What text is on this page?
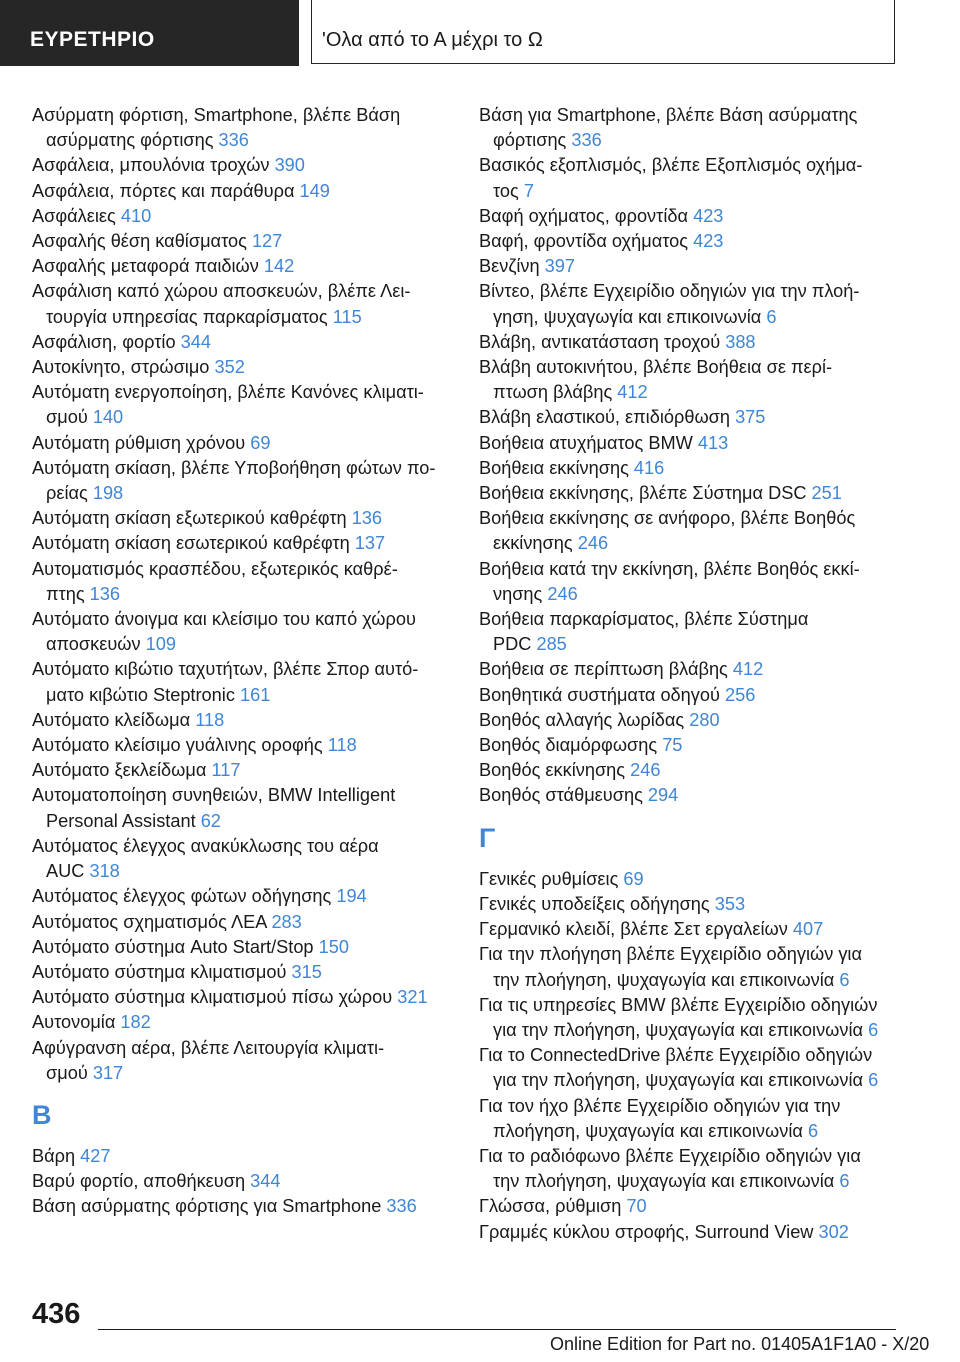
ΕΥΡΕΤΗΡΙΟ	'Ολα από το Α μέχρι το Ω

Ασύρματη φόρτιση, Smartphone, βλέπε Βάση
ασύρματης φόρτισης 336

Ασφάλεια, μπουλόνια τροχών 390

Ασφάλεια, πόρτες και παράθυρα 149

Ασφάλειες 410

Ασφαλής θέση καθίσματος 127

Ασφαλής μεταφορά παιδιών 142

Ασφάλιση καπό χώρου αποσκευών, βλέπε Λει-
τουργία υπηρεσίας παρκαρίσματος 115

Ασφάλιση, φορτίο 344

Αυτοκίνητο, στρώσιμο 352

Αυτόματη ενεργοποίηση, βλέπε Κανόνες κλιματι-
σμού 140

Αυτόματη ρύθμιση χρόνου 69

Αυτόματη σκίαση, βλέπε Υποβοήθηση φώτων πο-
ρείας 198

Αυτόματη σκίαση εξωτερικού καθρέφτη 136

Αυτόματη σκίαση εσωτερικού καθρέφτη 137

Αυτοματισμός κρασπέδου, εξωτερικός καθρέ-
πτης 136

Αυτόματο άνοιγμα και κλείσιμο του καπό χώρου
αποσκευών 109

Αυτόματο κιβώτιο ταχυτήτων, βλέπε Σπορ αυτό-
ματο κιβώτιο Steptronic 161

Αυτόματο κλείδωμα 118

Αυτόματο κλείσιμο γυάλινης οροφής 118

Αυτόματο ξεκλείδωμα 117

Αυτοματοποίηση συνηθειών, BMW Intelligent
Personal Assistant 62

Αυτόματος έλεγχος ανακύκλωσης του αέρα
AUC 318

Αυτόματος έλεγχος φώτων οδήγησης 194

Αυτόματος σχηματισμός ΛΕΑ 283

Αυτόματο σύστημα Auto Start/Stop 150

Αυτόματο σύστημα κλιματισμού 315

Αυτόματο σύστημα κλιματισμού πίσω χώρου 321

Αυτονομία 182

Αφύγρανση αέρα, βλέπε Λειτουργία κλιματι-
σμού 317

Β

Βάρη 427

Βαρύ φορτίο, αποθήκευση 344

Βάση ασύρματης φόρτισης για Smartphone 336

Βάση για Smartphone, βλέπε Βάση ασύρματης
φόρτισης 336

Βασικός εξοπλισμός, βλέπε Εξοπλισμός οχήμα-
τος 7

Βαφή οχήματος, φροντίδα 423

Βαφή, φροντίδα οχήματος 423

Βενζίνη 397

Βίντεο, βλέπε Εγχειρίδιο οδηγιών για την πλοή-
γηση, ψυχαγωγία και επικοινωνία 6

Βλάβη, αντικατάσταση τροχού 388

Βλάβη αυτοκινήτου, βλέπε Βοήθεια σε περί-
πτωση βλάβης 412

Βλάβη ελαστικού, επιδιόρθωση 375

Βοήθεια ατυχήματος BMW 413

Βοήθεια εκκίνησης 416

Βοήθεια εκκίνησης, βλέπε Σύστημα DSC 251

Βοήθεια εκκίνησης σε ανήφορο, βλέπε Βοηθός
εκκίνησης 246

Βοήθεια κατά την εκκίνηση, βλέπε Βοηθός εκκί-
νησης 246

Βοήθεια παρκαρίσματος, βλέπε Σύστημα
PDC 285

Βοήθεια σε περίπτωση βλάβης 412

Βοηθητικά συστήματα οδηγού 256

Βοηθός αλλαγής λωρίδας 280

Βοηθός διαμόρφωσης 75

Βοηθός εκκίνησης 246

Βοηθός στάθμευσης 294

Γ

Γενικές ρυθμίσεις 69

Γενικές υποδείξεις οδήγησης 353

Γερμανικό κλειδί, βλέπε Σετ εργαλείων 407

Για την πλοήγηση βλέπε Εγχειρίδιο οδηγιών για
την πλοήγηση, ψυχαγωγία και επικοινωνία 6

Για τις υπηρεσίες BMW βλέπε Εγχειρίδιο οδηγιών
για την πλοήγηση, ψυχαγωγία και επικοινωνία 6

Για το ConnectedDrive βλέπε Εγχειρίδιο οδηγιών
για την πλοήγηση, ψυχαγωγία και επικοινωνία 6

Για τον ήχο βλέπε Εγχειρίδιο οδηγιών για την
πλοήγηση, ψυχαγωγία και επικοινωνία 6

Για το ραδιόφωνο βλέπε Εγχειρίδιο οδηγιών για
την πλοήγηση, ψυχαγωγία και επικοινωνία 6

Γλώσσα, ρύθμιση 70

Γραμμές κύκλου στροφής, Surround View 302

436
Online Edition for Part no. 01405A1F1A0 - X/20
